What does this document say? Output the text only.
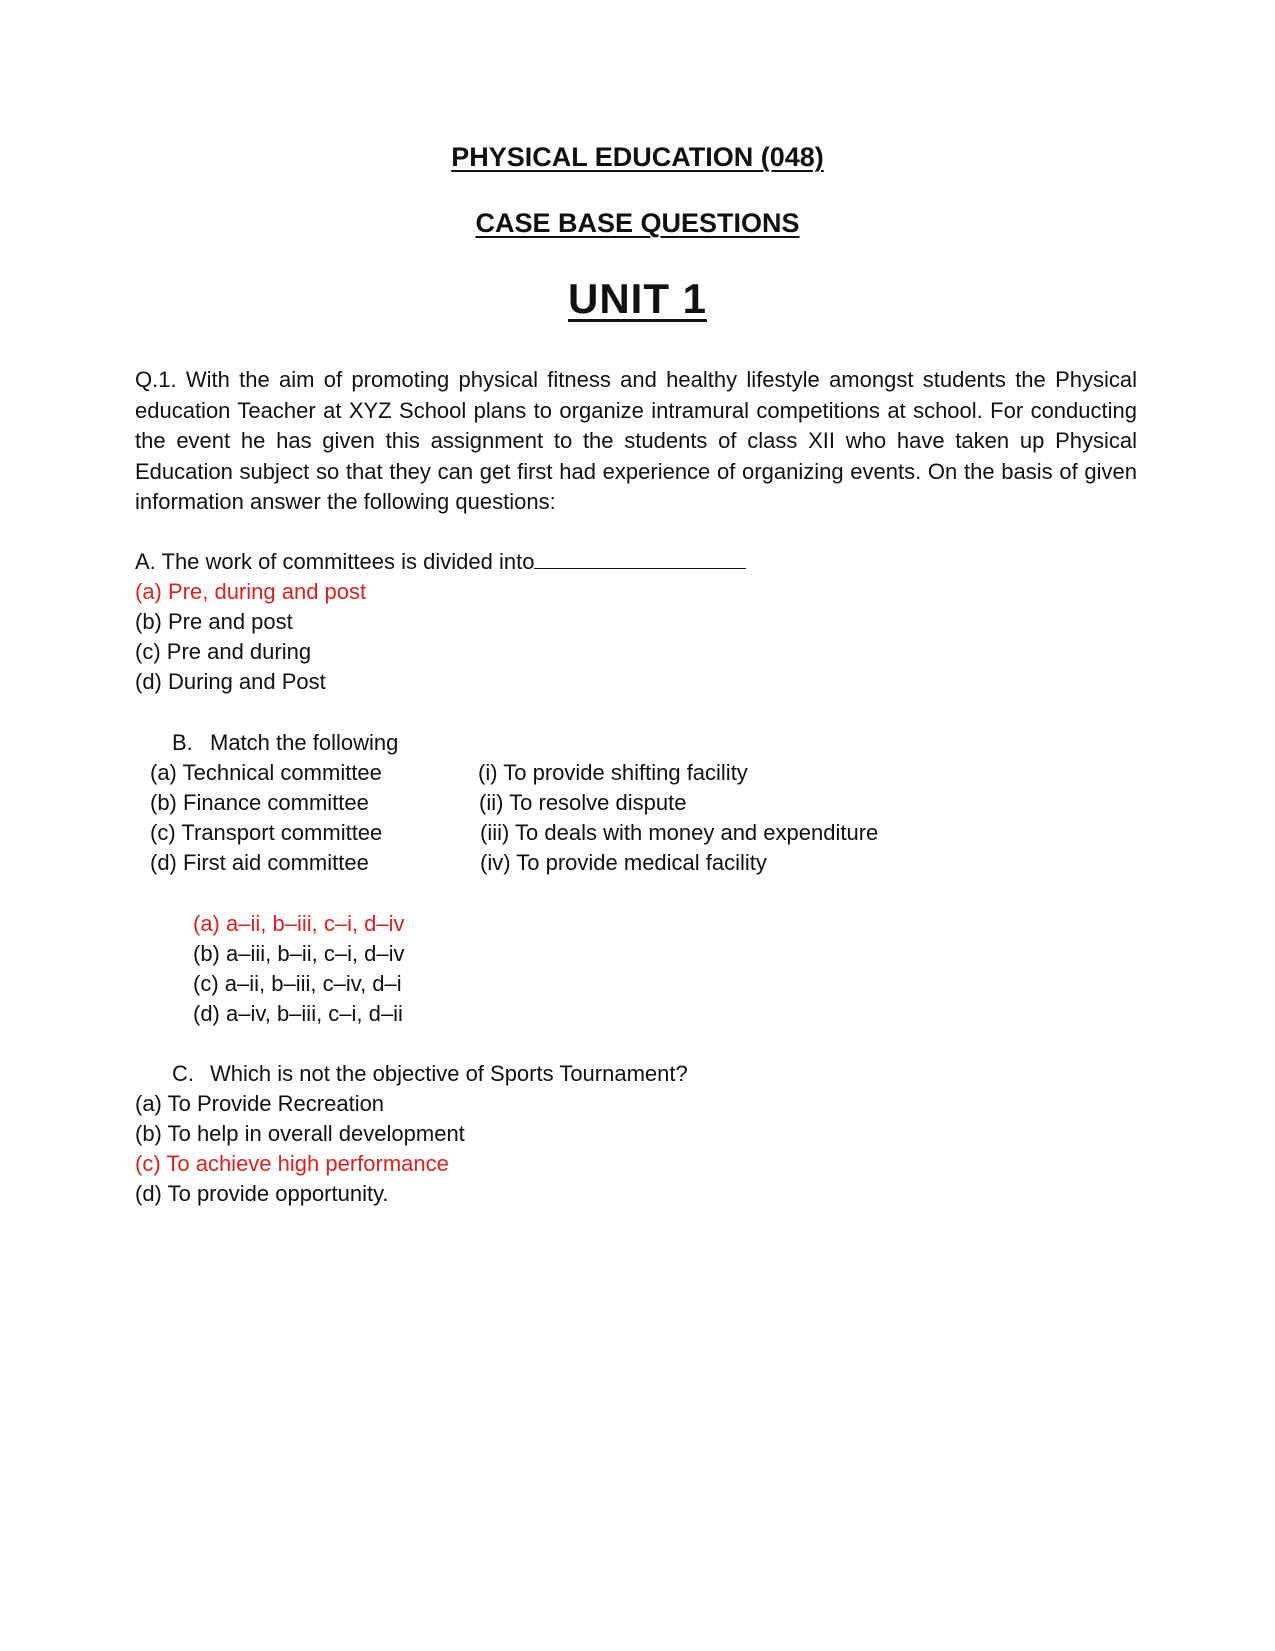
PHYSICAL EDUCATION (048)
CASE BASE QUESTIONS
UNIT 1

Q.1. With the aim of promoting physical fitness and healthy lifestyle amongst students the Physical education Teacher at XYZ School plans to organize intramural competitions at school. For conducting the event he has given this assignment to the students of class XII who have taken up Physical Education subject so that they can get first had experience of organizing events. On the basis of given information answer the following questions:

A. The work of committees is divided into

(a) Pre, during and post

(b) Pre and post

(c) Pre and during

(d) During and Post

B. Match the following

(a) Technical committee

(b) Finance committee

(c) Transport committee

(d) First aid committee

(i) To provide shifting facility

(ii) To resolve dispute

(iii) To deals with money and expenditure

(iv) To provide medical facility

(a) a–ii, b–iii, c–i, d–iv

(b) a–iii, b–ii, c–i, d–iv

(c) a–ii, b–iii, c–iv, d–i

(d) a–iv, b–iii, c–i, d–ii

C. Which is not the objective of Sports Tournament?

(a) To Provide Recreation

(b) To help in overall development

(c) To achieve high performance

(d) To provide opportunity.
